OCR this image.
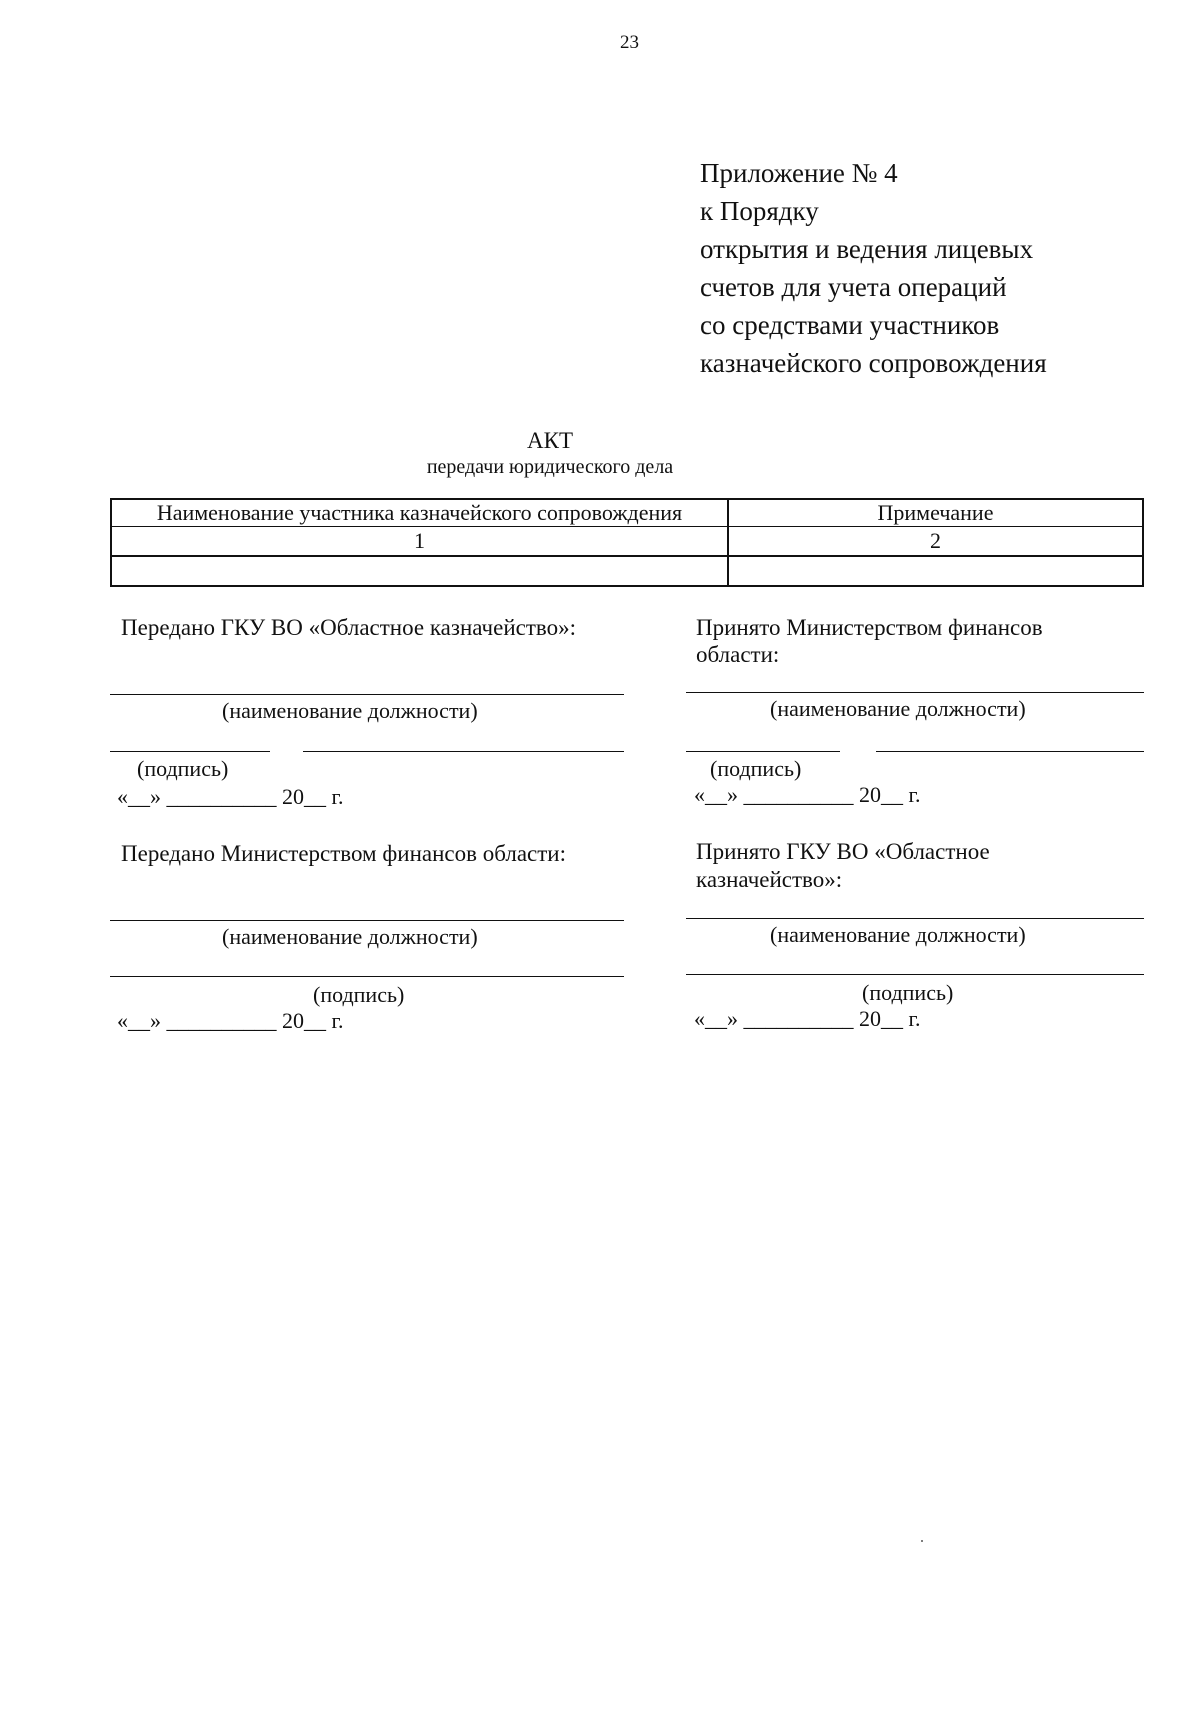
23
Приложение № 4
к Порядку
открытия и ведения лицевых
счетов для учета операций
со средствами участников
казначейского сопровождения
АКТ
передачи юридического дела
Наименование участника казначейского сопровождения	Примечание
1	2

Передано ГКУ ВО «Областное казначейство»:
(наименование должности)
(подпись)
«__» __________ 20__ г.
Принято Министерством финансов
области:
(наименование должности)
(подпись)
«__» __________ 20__ г.
Передано Министерством финансов области:
(наименование должности)
(подпись)
«__» __________ 20__ г.
Принято ГКУ ВО «Областное
казначейство»:
(наименование должности)
(подпись)
«__» __________ 20__ г.
